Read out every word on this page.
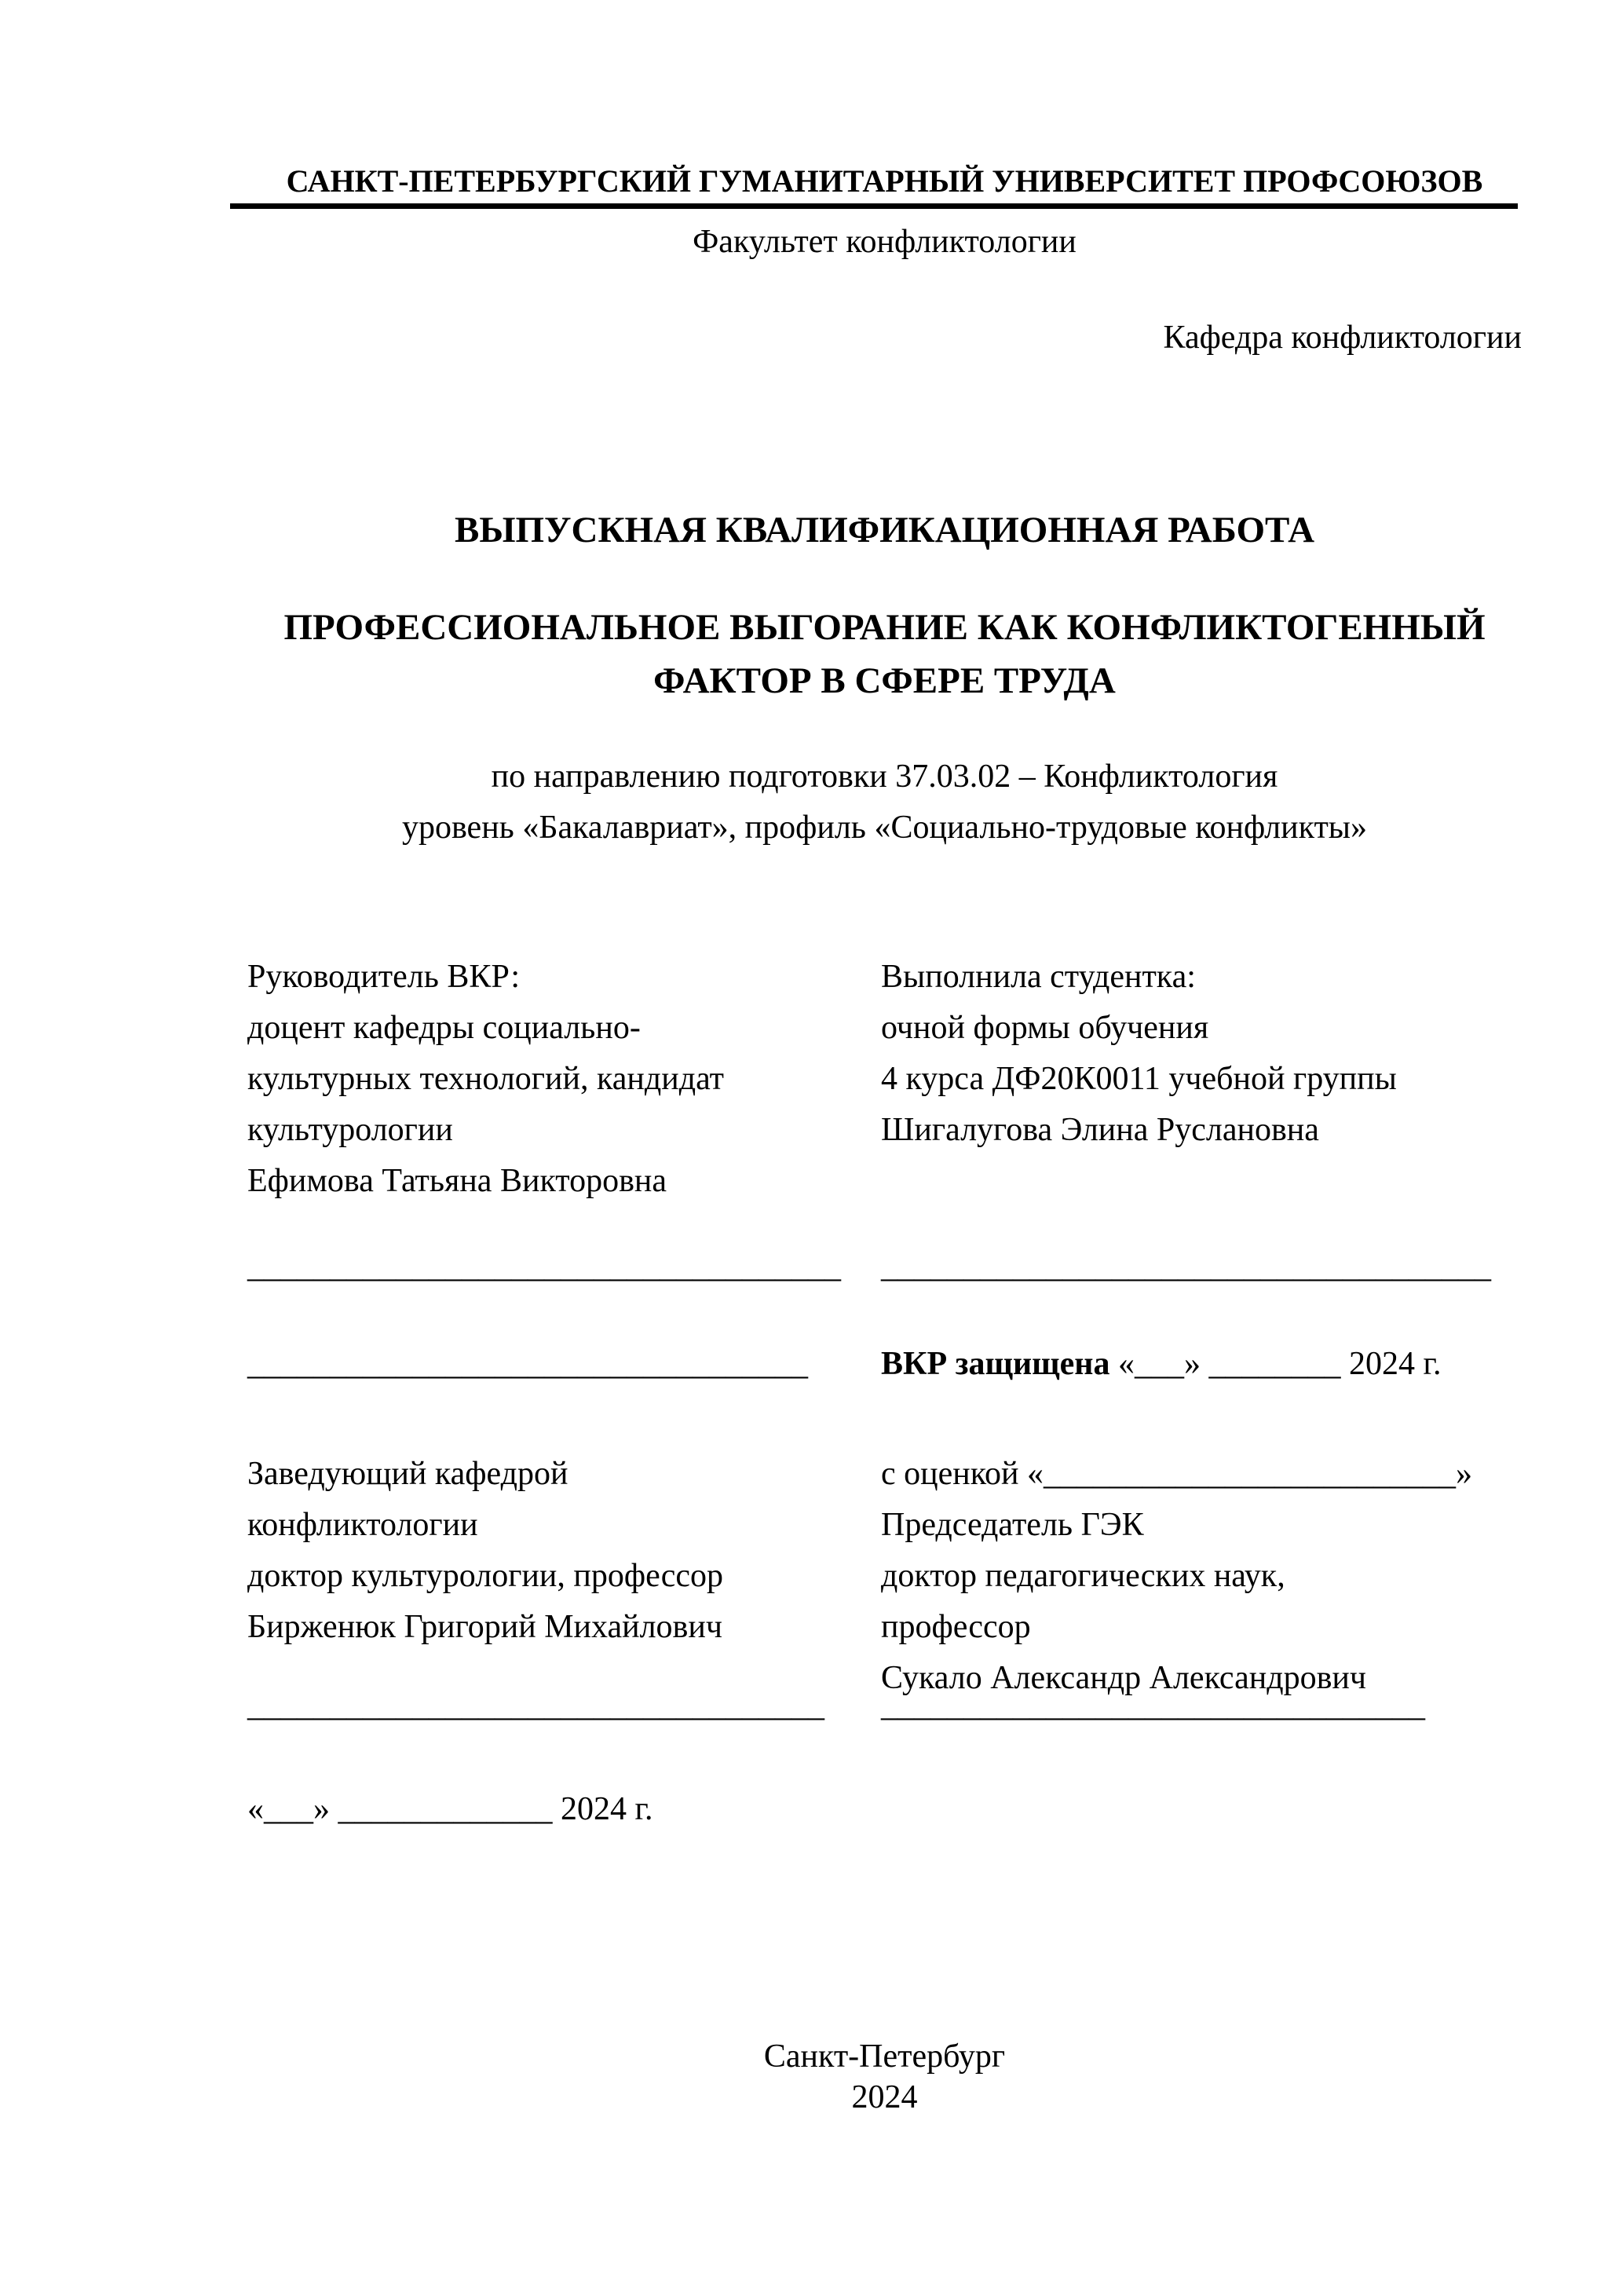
САНКТ-ПЕТЕРБУРГСКИЙ ГУМАНИТАРНЫЙ УНИВЕРСИТЕТ ПРОФСОЮЗОВ
Факультет конфликтологии
Кафедра конфликтологии
ВЫПУСКНАЯ КВАЛИФИКАЦИОННАЯ РАБОТА
ПРОФЕССИОНАЛЬНОЕ ВЫГОРАНИЕ КАК КОНФЛИКТОГЕННЫЙ
ФАКТОР В СФЕРЕ ТРУДА
по направлению подготовки 37.03.02 – Конфликтология
уровень «Бакалавриат», профиль «Социально-трудовые конфликты»
Руководитель ВКР:
доцент кафедры социально-
культурных технологий, кандидат
культурологии
Ефимова Татьяна Викторовна
Выполнила студентка:
очной формы обучения
4 курса ДФ20К0011 учебной группы
Шигалугова Элина Руслановна
____________________________________ _____________________________________
__________________________________	ВКР защищена «___» ________ 2024 г.
Заведующий кафедрой
конфликтологии
доктор культурологии, профессор
Бирженюк Григорий Михайлович
с оценкой «_________________________»
Председатель ГЭК
доктор педагогических наук,
профессор
Сукало Александр Александрович
___________________________________ _________________________________
«___» _____________ 2024 г.
Санкт-Петербург
2024
